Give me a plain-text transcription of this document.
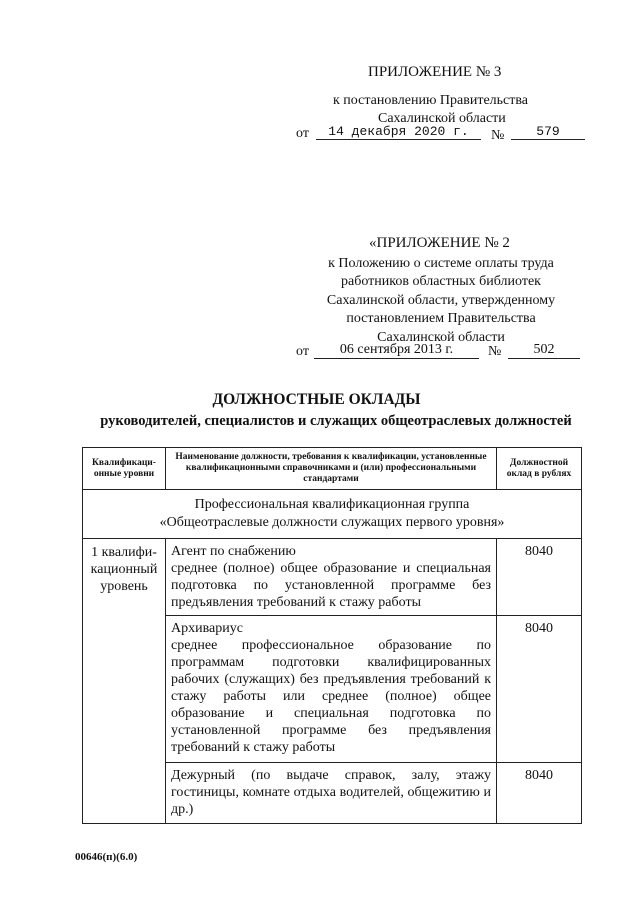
ПРИЛОЖЕНИЕ № 3
к постановлению Правительства
Сахалинской области
от	14 декабря 2020 г.	№	579
«ПРИЛОЖЕНИЕ № 2
к Положению о системе оплаты труда
работников областных библиотек
Сахалинской области, утвержденному
постановлением Правительства
Сахалинской области
от	06 сентября 2013 г.	№	502
ДОЛЖНОСТНЫЕ ОКЛАДЫ
руководителей, специалистов и служащих общеотраслевых должностей
Квалификаци-онные уровни	Наименование должности, требования к квалификации, установленные квалификационными справочниками и (или) профессиональными стандартами	Должностной оклад в рублях

Профессиональная квалификационная группа
«Общеотраслевые должности служащих первого уровня»		

1 квалифи-кационный уровень	Агент по снабжению
среднее (полное) общее образование и специальная подготовка по установленной программе без предъявления требований к стажу работы	8040

	Архивариус
среднее профессиональное образование по программам подготовки квалифицированных рабочих (служащих) без предъявления требований к стажу работы или среднее (полное) общее образование и специальная подготовка по установленной программе без предъявления требований к стажу работы	8040

	Дежурный (по выдаче справок, залу, этажу гостиницы, комнате отдыха водителей, общежитию и др.)	8040
00646(п)(6.0)
